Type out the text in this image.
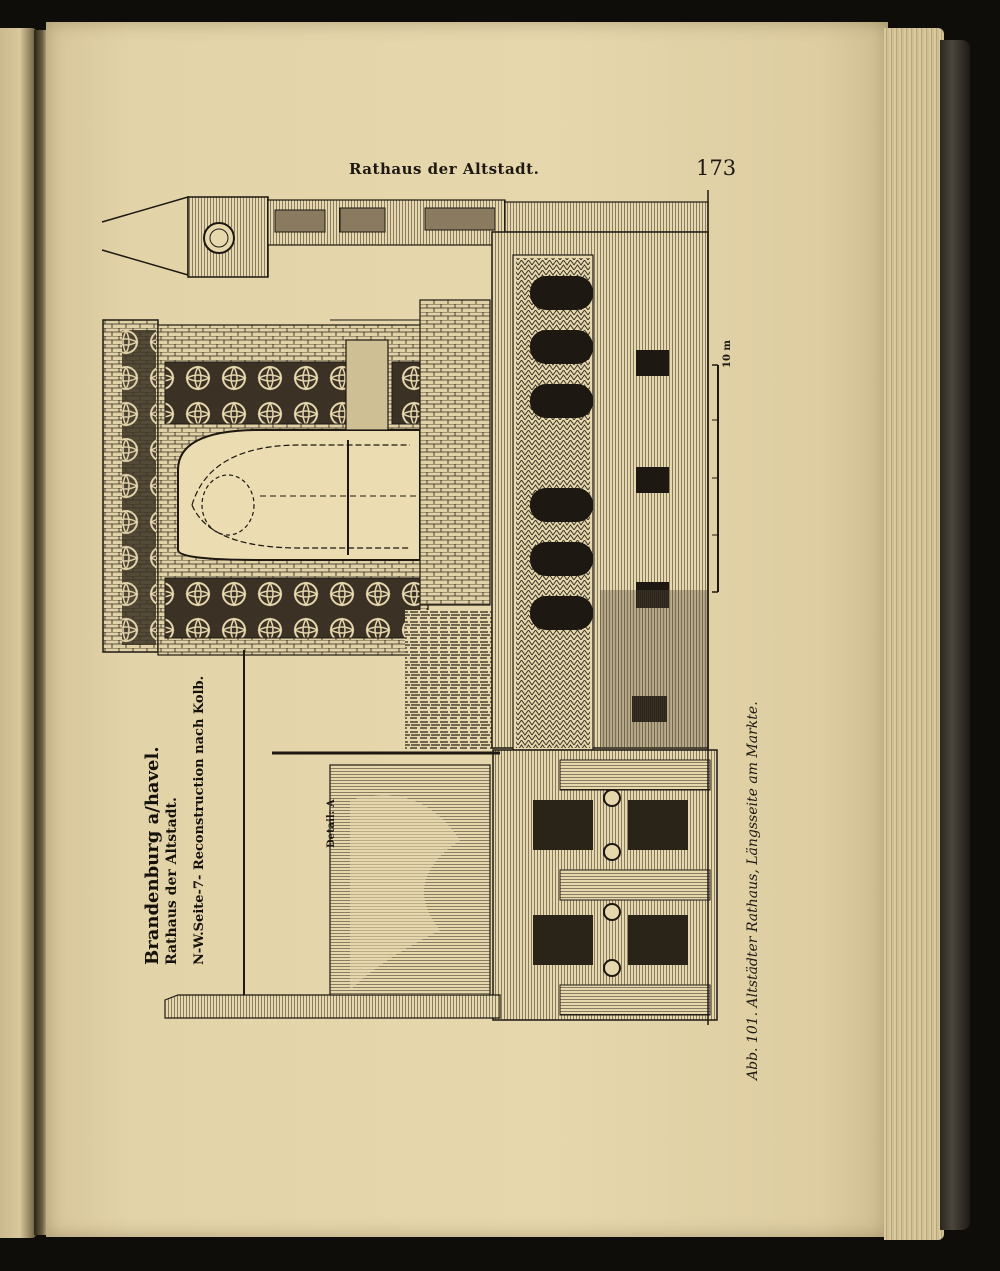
Rathaus der Altstadt.	173
10 m
Detail: A
Brandenburg a/havel. Rathaus der Altstadt. N-W.Seite-7- Reconstruction nach Kolb.	Abb. 101. Altstädter Rathaus, Längsseite am Markte.
